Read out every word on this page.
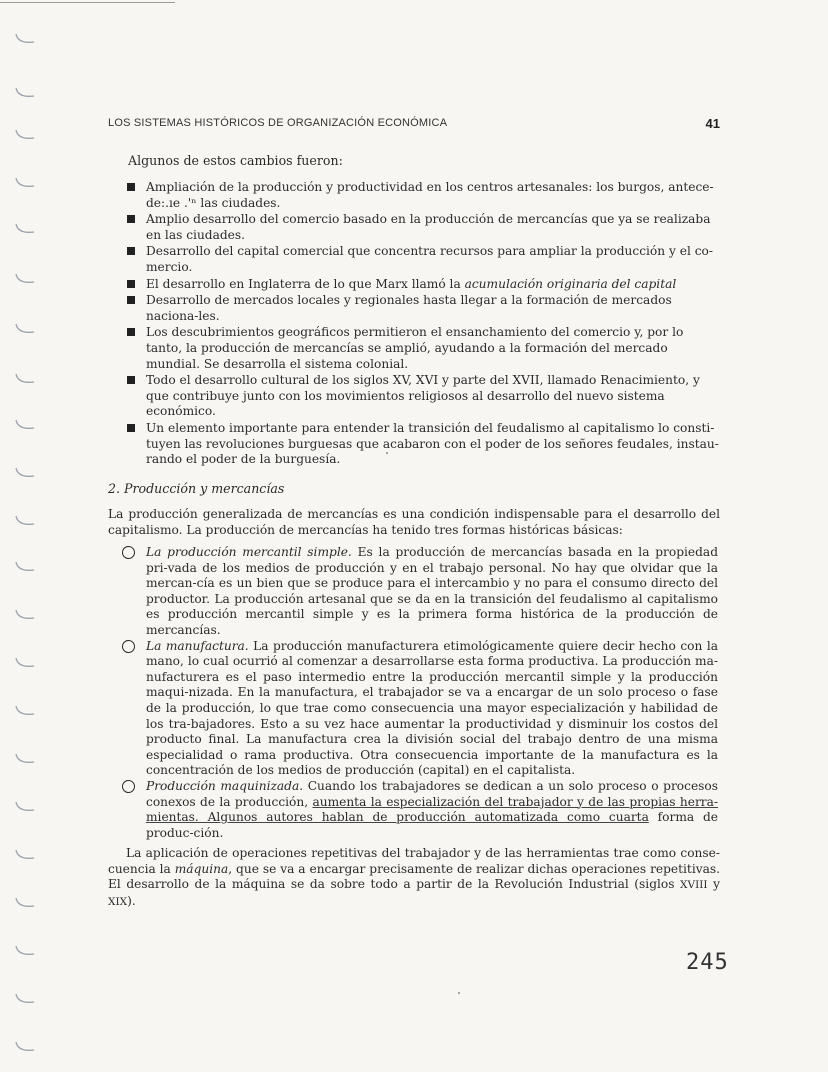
LOS SISTEMAS HISTÓRICOS DE ORGANIZACIÓN ECONÓMICA	41
Algunos de estos cambios fueron:
Ampliación de la producción y productividad en los centros artesanales: los burgos, antece-de:.ıe .'ⁿ las ciudades.
Amplio desarrollo del comercio basado en la producción de mercancías que ya se realizaba en las ciudades.
Desarrollo del capital comercial que concentra recursos para ampliar la producción y el co-mercio.
El desarrollo en Inglaterra de lo que Marx llamó la acumulación originaria del capital
Desarrollo de mercados locales y regionales hasta llegar a la formación de mercados naciona-les.
Los descubrimientos geográficos permitieron el ensanchamiento del comercio y, por lo tanto, la producción de mercancías se amplió, ayudando a la formación del mercado mundial. Se desarrolla el sistema colonial.
Todo el desarrollo cultural de los siglos XV, XVI y parte del XVII, llamado Renacimiento, y que contribuye junto con los movimientos religiosos al desarrollo del nuevo sistema económico.
Un elemento importante para entender la transición del feudalismo al capitalismo lo consti-tuyen las revoluciones burguesas que acabaron con el poder de los señores feudales, instau-rando el poder de la burguesía.
2. Producción y mercancías
La producción generalizada de mercancías es una condición indispensable para el desarrollo del capitalismo. La producción de mercancías ha tenido tres formas históricas básicas:
La producción mercantil simple. Es la producción de mercancías basada en la propiedad pri-vada de los medios de producción y en el trabajo personal. No hay que olvidar que la mercan-cía es un bien que se produce para el intercambio y no para el consumo directo del productor. La producción artesanal que se da en la transición del feudalismo al capitalismo es producción mercantil simple y es la primera forma histórica de la producción de mercancías.
La manufactura. La producción manufacturera etimológicamente quiere decir hecho con la mano, lo cual ocurrió al comenzar a desarrollarse esta forma productiva. La producción ma-nufacturera es el paso intermedio entre la producción mercantil simple y la producción maqui-nizada. En la manufactura, el trabajador se va a encargar de un solo proceso o fase de la producción, lo que trae como consecuencia una mayor especialización y habilidad de los tra-bajadores. Esto a su vez hace aumentar la productividad y disminuir los costos del producto final. La manufactura crea la división social del trabajo dentro de una misma especialidad o rama productiva. Otra consecuencia importante de la manufactura es la concentración de los medios de producción (capital) en el capitalista.
Producción maquinizada. Cuando los trabajadores se dedican a un solo proceso o procesos conexos de la producción, aumenta la especialización del trabajador y de las propias herra-mientas. Algunos autores hablan de producción automatizada como cuarta forma de produc-ción.
La aplicación de operaciones repetitivas del trabajador y de las herramientas trae como conse-cuencia la máquina, que se va a encargar precisamente de realizar dichas operaciones repetitivas. El desarrollo de la máquina se da sobre todo a partir de la Revolución Industrial (siglos XVIII y XIX).
245
